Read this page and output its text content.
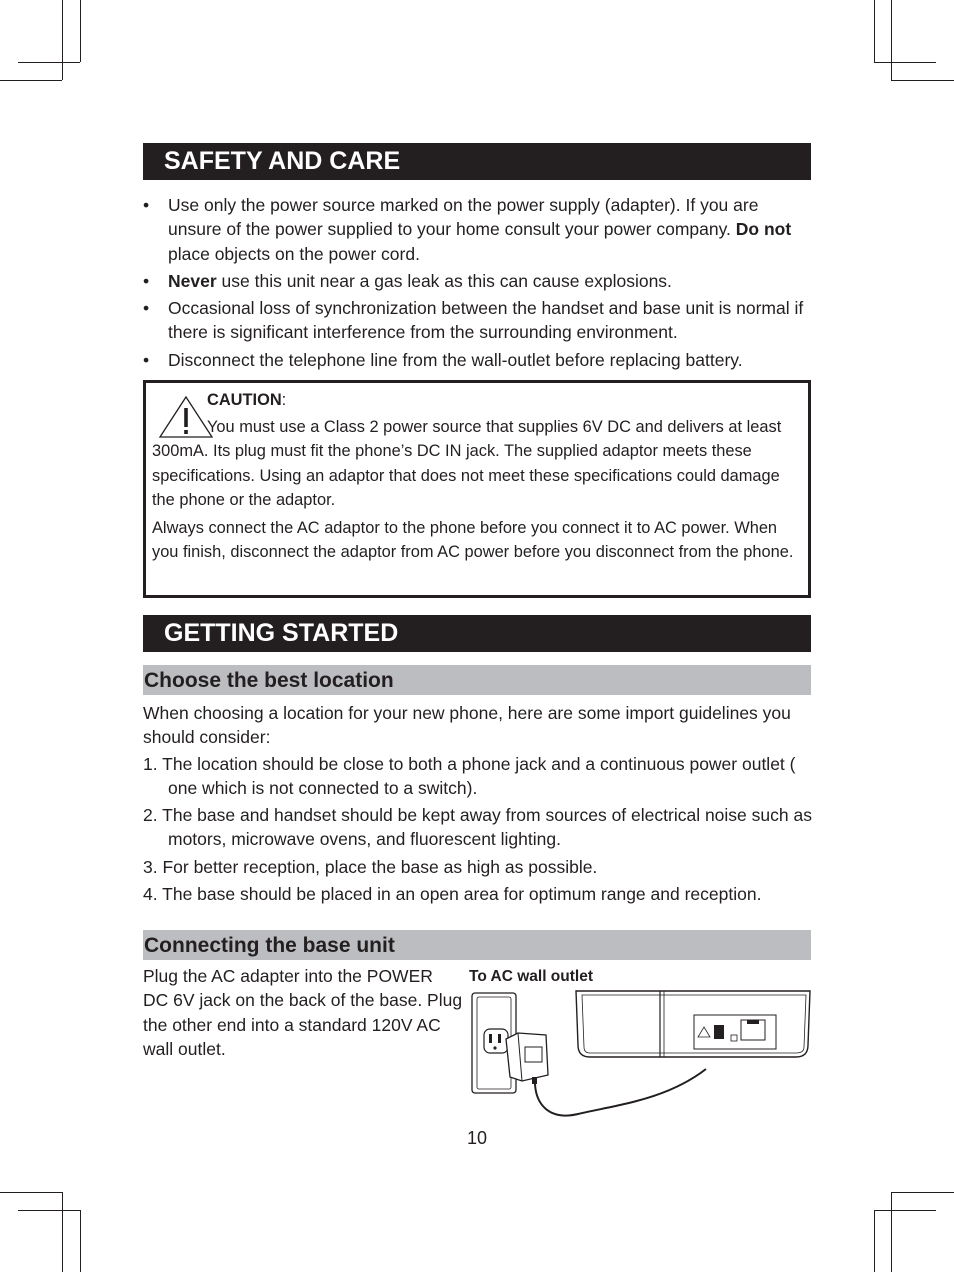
SAFETY AND CARE
• Use only the power source marked on the power supply (adapter). If you are unsure of the power supplied to your home consult your power company. Do not place objects on the power cord.
• Never use this unit near a gas leak as this can cause explosions.
• Occasional loss of synchronization between the handset and base unit is normal if there is significant interference from the surrounding environment.
• Disconnect the telephone line from the wall-outlet before replacing battery.
CAUTION:

You must use a Class 2 power source that supplies 6V DC and delivers at least 300mA. Its plug must fit the phone’s DC IN jack. The supplied adaptor meets these specifications. Using an adaptor that does not meet these specifications could damage the phone or the adaptor.

Always connect the AC adaptor to the phone before you connect it to AC power. When you finish, disconnect the adaptor from AC power before you disconnect from the phone.

GETTING STARTED
Choose the best location

When choosing a location for your new phone, here are some import guidelines you should consider:

1. The location should be close to both a phone jack and a continuous power outlet ( one which is not connected to a switch).
2. The base and handset should be kept away from sources of electrical noise such as motors, microwave ovens, and fluorescent lighting.
3. For better reception, place the base as high as possible.
4. The base should be placed in an open area for optimum range and reception.
Connecting the base unit
Plug the AC adapter into the POWER DC 6V jack on the back of the base. Plug the other end into a standard 120V AC wall outlet.
To AC wall outlet
10
